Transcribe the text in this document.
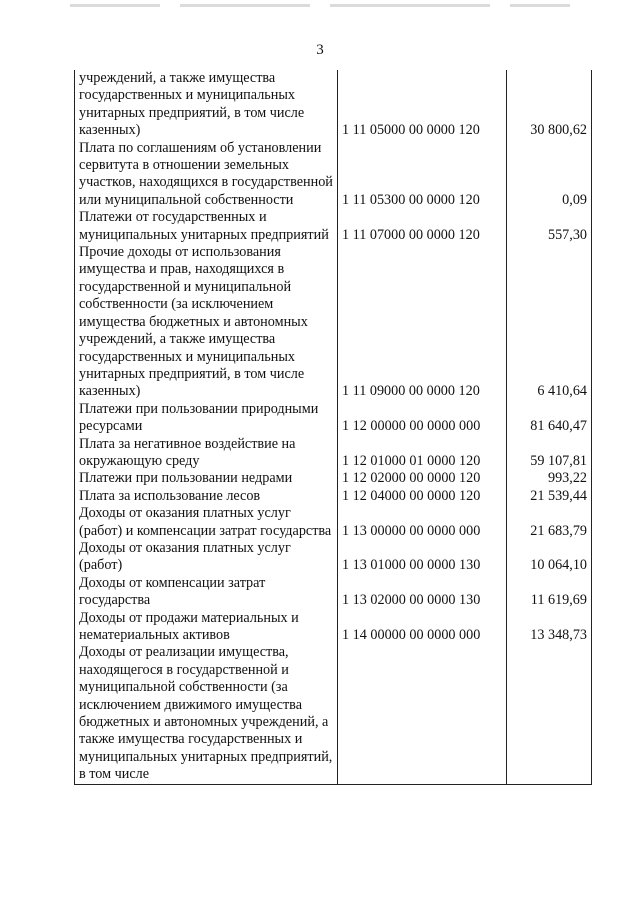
3
учреждений, а также имущества государственных и муниципальных унитарных предприятий, в том числе казенных)	1 11 05000 00 0000 120	30 800,62
Плата по соглашениям об установлении сервитута в отношении земельных участков, находящихся в государственной или муниципальной собственности	1 11 05300 00 0000 120	0,09
Платежи от государственных и муниципальных унитарных предприятий	1 11 07000 00 0000 120	557,30
Прочие доходы от использования имущества и прав, находящихся в государственной и муниципальной собственности (за исключением имущества бюджетных и автономных учреждений, а также имущества государственных и муниципальных унитарных предприятий, в том числе казенных)	1 11 09000 00 0000 120	6 410,64
Платежи при пользовании природными ресурсами	1 12 00000 00 0000 000	81 640,47
Плата за негативное воздействие на окружающую среду	1 12 01000 01 0000 120	59 107,81
Платежи при пользовании недрами	1 12 02000 00 0000 120	993,22
Плата за использование лесов	1 12 04000 00 0000 120	21 539,44
Доходы от оказания платных услуг (работ) и компенсации затрат государства	1 13 00000 00 0000 000	21 683,79
Доходы от оказания платных услуг (работ)	1 13 01000 00 0000 130	10 064,10
Доходы от компенсации затрат государства	1 13 02000 00 0000 130	11 619,69
Доходы от продажи материальных и нематериальных активов	1 14 00000 00 0000 000	13 348,73
Доходы от реализации имущества, находящегося в государственной и муниципальной собственности (за исключением движимого имущества бюджетных и автономных учреждений, а также имущества государственных и муниципальных унитарных предприятий, в том числе		
